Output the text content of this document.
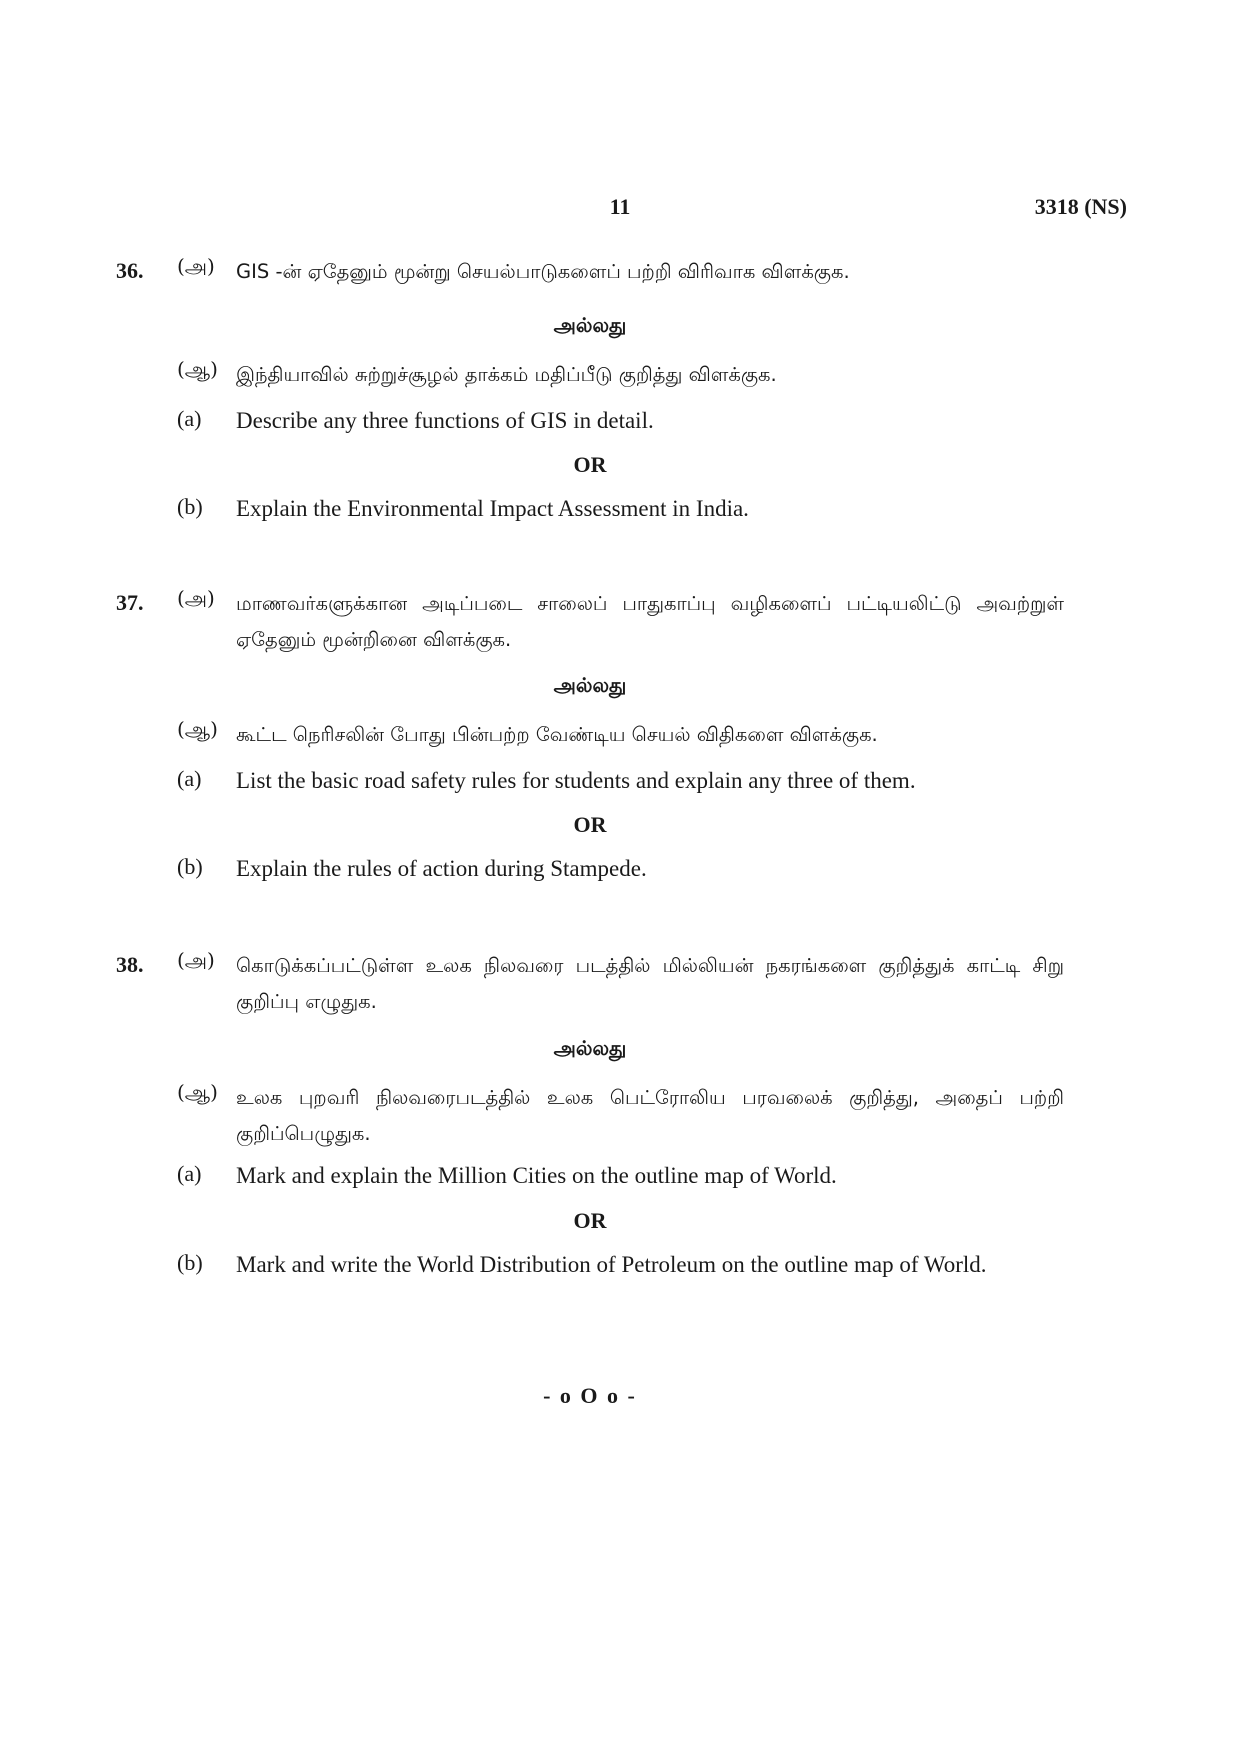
11	3318 (NS)
36. (அ) GIS -ன் ஏதேனும் மூன்று செயல்பாடுகளைப் பற்றி விரிவாக விளக்குக.
அல்லது
(ஆ) இந்தியாவில் சுற்றுச்சூழல் தாக்கம் மதிப்பீடு குறித்து விளக்குக.
(a) Describe any three functions of GIS in detail.
OR
(b) Explain the Environmental Impact Assessment in India.
37. (அ) மாணவர்களுக்கான அடிப்படை சாலைப் பாதுகாப்பு வழிகளைப் பட்டியலிட்டு அவற்றுள் ஏதேனும் மூன்றினை விளக்குக.
அல்லது
(ஆ) கூட்ட நெரிசலின் போது பின்பற்ற வேண்டிய செயல் விதிகளை விளக்குக.
(a) List the basic road safety rules for students and explain any three of them.
OR
(b) Explain the rules of action during Stampede.
38. (அ) கொடுக்கப்பட்டுள்ள உலக நிலவரை படத்தில் மில்லியன் நகரங்களை குறித்துக் காட்டி சிறு குறிப்பு எழுதுக.
அல்லது
(ஆ) உலக புறவரி நிலவரைபடத்தில் உலக பெட்ரோலிய பரவலைக் குறித்து, அதைப் பற்றி குறிப்பெழுதுக.
(a) Mark and explain the Million Cities on the outline map of World.
OR
(b) Mark and write the World Distribution of Petroleum on the outline map of World.
- o O o -
